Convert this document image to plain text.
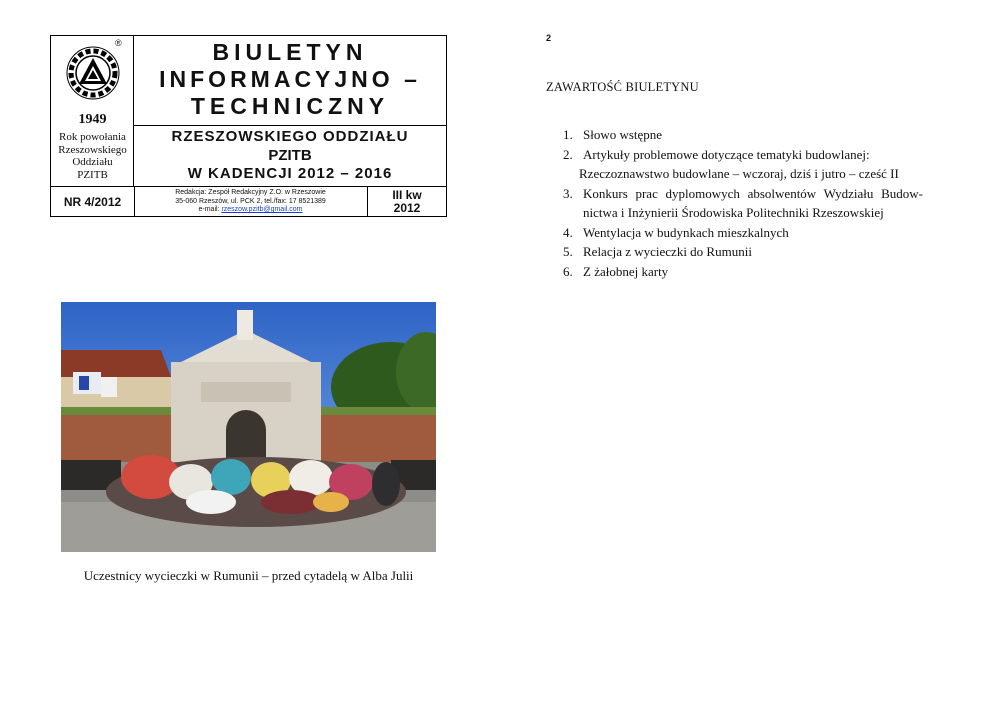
®
1949
Rok powołania
Rzeszowskiego
Oddziału
PZITB
BIULETYN
INFORMACYJNO –
TECHNICZNY
RZESZOWSKIEGO ODDZIAŁU
PZITB
W KADENCJI 2012 – 2016
NR 4/2012
Redakcja: Zespół Redakcyjny Z.O. w Rzeszowie
35-060 Rzeszów, ul. PCK 2, tel./fax: 17 8521389
e-mail: rzeszow.pzitb@gmail.com
III kw
2012
Uczestnicy wycieczki w Rumunii – przed cytadelą w Alba Julii
2
ZAWARTOŚĆ BIULETYNU
1. Słowo wstępne
2. Artykuły problemowe dotyczące tematyki budowlanej:
Rzeczoznawstwo budowlane – wczoraj, dziś i jutro – cześć II
3. Konkurs prac dyplomowych absolwentów Wydziału Budow-
nictwa i Inżynierii Środowiska Politechniki Rzeszowskiej
4. Wentylacja w budynkach mieszkalnych
5. Relacja z wycieczki do Rumunii
6. Z żałobnej karty
